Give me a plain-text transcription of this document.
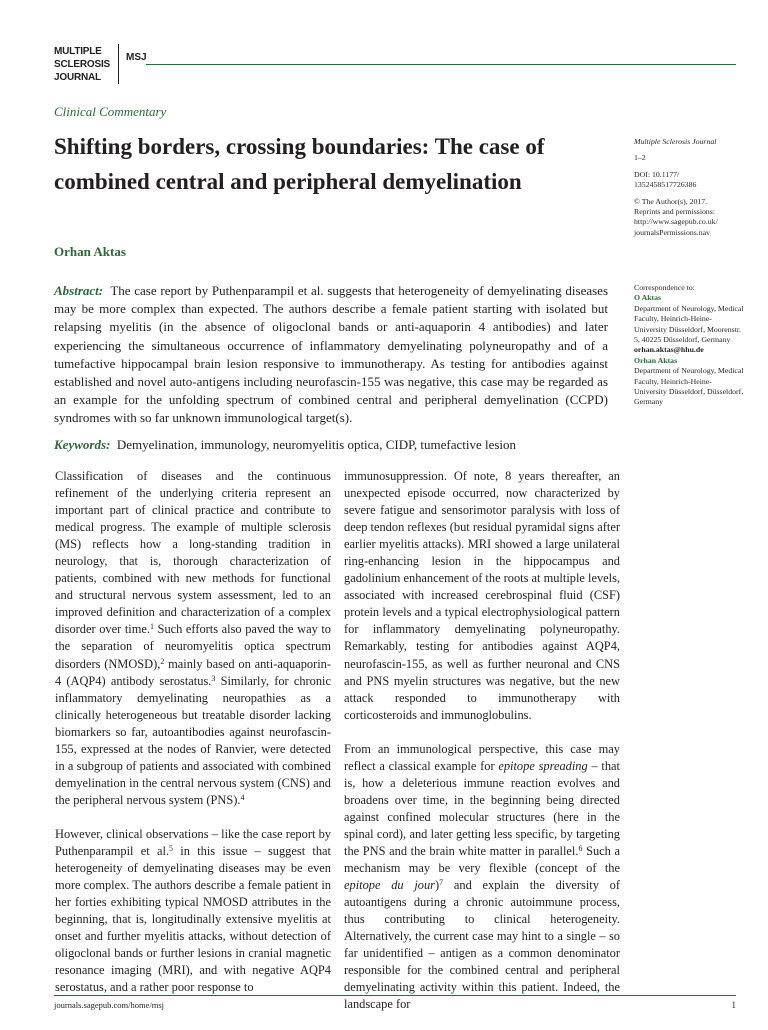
MULTIPLE
SCLEROSIS
JOURNAL
MSJ
Clinical Commentary
Shifting borders, crossing boundaries: The case of combined central and peripheral demyelination
Orhan Aktas

Abstract: The case report by Puthenparampil et al. suggests that heterogeneity of demyelinating diseases may be more complex than expected. The authors describe a female patient starting with isolated but relapsing myelitis (in the absence of oligoclonal bands or anti-aquaporin 4 antibodies) and later experiencing the simultaneous occurrence of inflammatory demyelinating polyneuropathy and of a tumefactive hippocampal brain lesion responsive to immunotherapy. As testing for antibodies against established and novel auto-antigens including neurofascin-155 was negative, this case may be regarded as an example for the unfolding spectrum of combined central and peripheral demyelination (CCPD) syndromes with so far unknown immunological target(s).

Keywords: Demyelination, immunology, neuromyelitis optica, CIDP, tumefactive lesion

Classification of diseases and the continuous refinement of the underlying criteria represent an important part of clinical practice and contribute to medical progress. The example of multiple sclerosis (MS) reflects how a long-standing tradition in neurology, that is, thorough characterization of patients, combined with new methods for functional and structural nervous system assessment, led to an improved definition and characterization of a complex disorder over time.$^1$ Such efforts also paved the way to the separation of neuromyelitis optica spectrum disorders (NMOSD),$^2$ mainly based on anti-aquaporin-4 (AQP4) antibody serostatus.$^3$ Similarly, for chronic inflammatory demyelinating neuropathies as a clinically heterogeneous but treatable disorder lacking biomarkers so far, autoantibodies against neurofascin-155, expressed at the nodes of Ranvier, were detected in a subgroup of patients and associated with combined demyelination in the central nervous system (CNS) and the peripheral nervous system (PNS).$^4$

However, clinical observations – like the case report by Puthenparampil et al.$^5$ in this issue – suggest that heterogeneity of demyelinating diseases may be even more complex. The authors describe a female patient in her forties exhibiting typical NMOSD attributes in the beginning, that is, longitudinally extensive myelitis at onset and further myelitis attacks, without detection of oligoclonal bands or further lesions in cranial magnetic resonance imaging (MRI), and with negative AQP4 serostatus, and a rather poor response to

immunosuppression. Of note, 8 years thereafter, an unexpected episode occurred, now characterized by severe fatigue and sensorimotor paralysis with loss of deep tendon reflexes (but residual pyramidal signs after earlier myelitis attacks). MRI showed a large unilateral ring-enhancing lesion in the hippocampus and gadolinium enhancement of the roots at multiple levels, associated with increased cerebrospinal fluid (CSF) protein levels and a typical electrophysiological pattern for inflammatory demyelinating polyneuropathy. Remarkably, testing for antibodies against AQP4, neurofascin-155, as well as further neuronal and CNS and PNS myelin structures was negative, but the new attack responded to immunotherapy with corticosteroids and immunoglobulins.

From an immunological perspective, this case may reflect a classical example for epitope spreading – that is, how a deleterious immune reaction evolves and broadens over time, in the beginning being directed against confined molecular structures (here in the spinal cord), and later getting less specific, by targeting the PNS and the brain white matter in parallel.$^6$ Such a mechanism may be very flexible (concept of the epitope du jour)$^7$ and explain the diversity of autoantigens during a chronic autoimmune process, thus contributing to clinical heterogeneity. Alternatively, the current case may hint to a single – so far unidentified – antigen as a common denominator responsible for the combined central and peripheral demyelinating activity within this patient. Indeed, the landscape for

Multiple Sclerosis Journal

1–2

DOI: 10.1177/

1352458517726386

© The Author(s), 2017.

Reprints and permissions:

http://www.sagepub.co.uk/

journalsPermissions.nav

Correspondence to:

O Aktas

Department of Neurology, Medical Faculty, Heinrich-Heine-University Düsseldorf, Moorenstr. 5, 40225 Düsseldorf, Germany

orhan.aktas@hhu.de

Orhan Aktas

Department of Neurology, Medical Faculty, Heinrich-Heine-University Düsseldorf, Düsseldorf, Germany

journals.sagepub.com/home/msj	1
